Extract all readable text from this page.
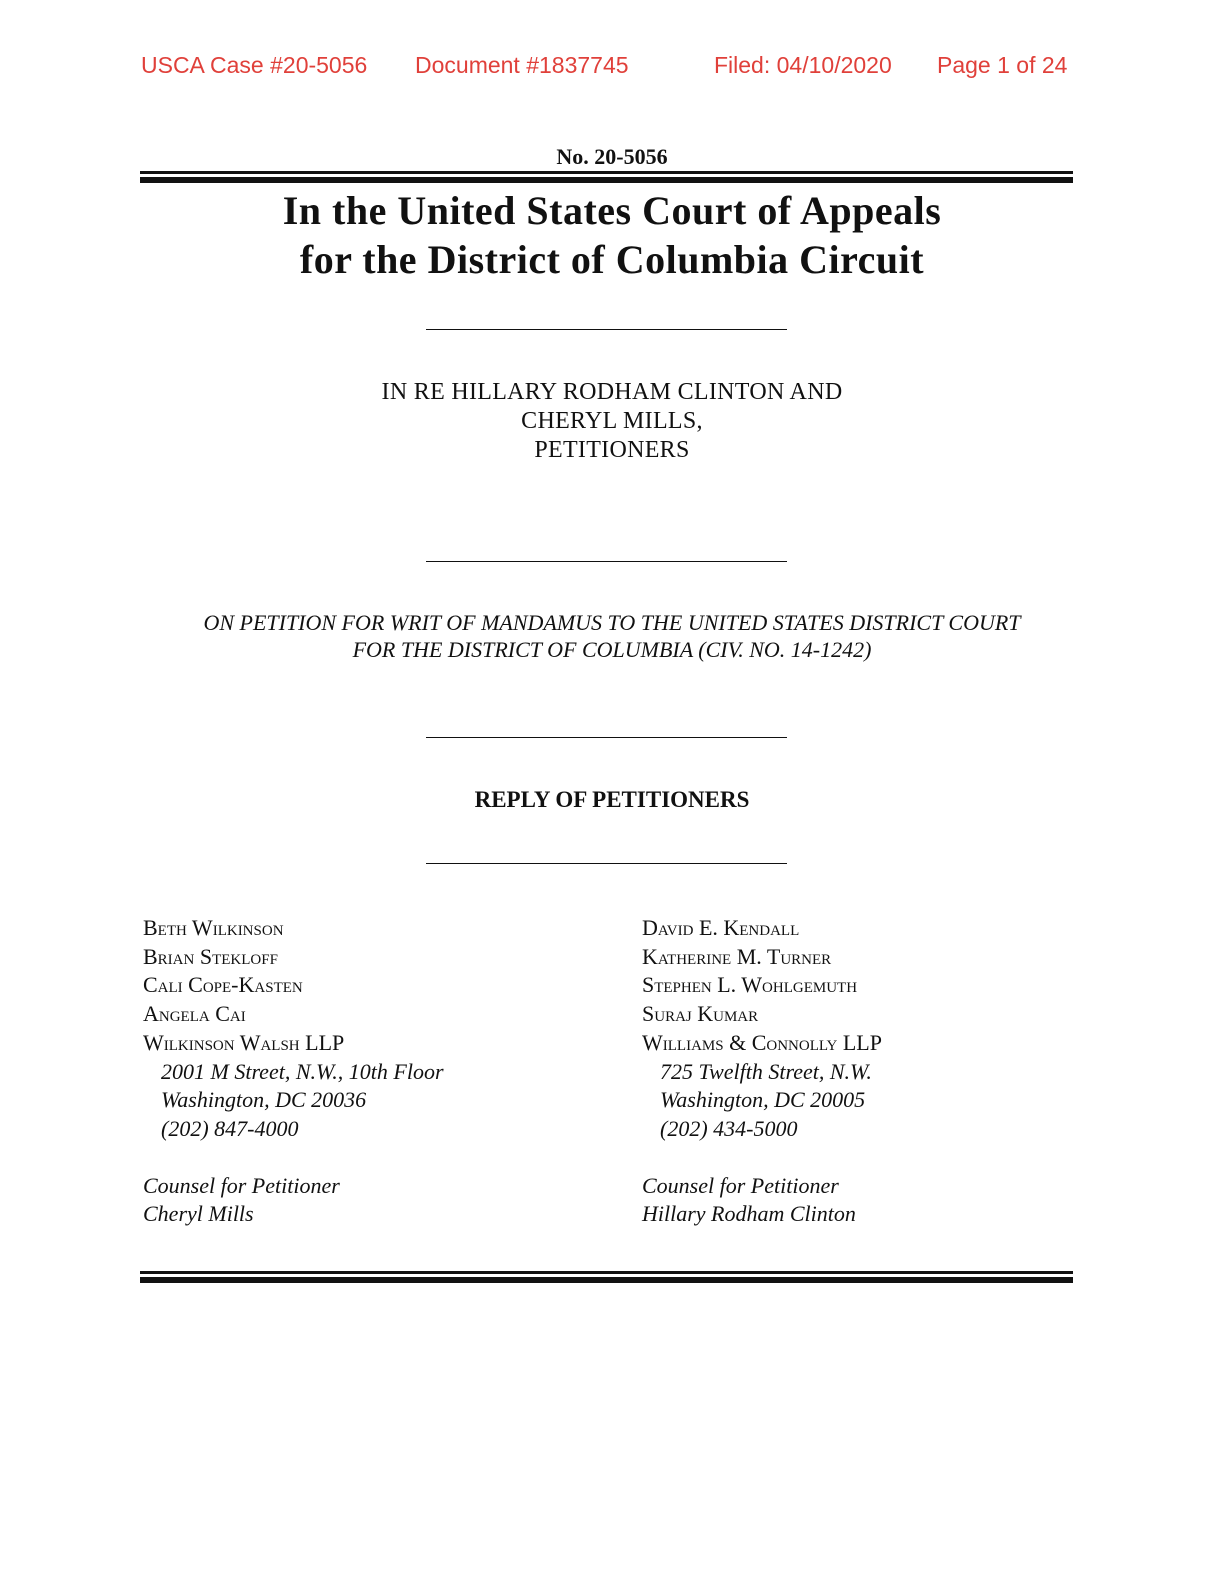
USCA Case #20-5056 Document #1837745	Filed: 04/10/2020 Page 1 of 24
No. 20-5056
In the United States Court of Appeals
for the District of Columbia Circuit
IN RE HILLARY RODHAM CLINTON AND
CHERYL MILLS,
PETITIONERS
ON PETITION FOR WRIT OF MANDAMUS TO THE UNITED STATES DISTRICT COURT
FOR THE DISTRICT OF COLUMBIA (CIV. NO. 14-1242)
REPLY OF PETITIONERS
Beth Wilkinson
Brian Stekloff
Cali Cope-Kasten
Angela Cai
Wilkinson Walsh LLP
2001 M Street, N.W., 10th Floor
Washington, DC 20036
(202) 847-4000
Counsel for Petitioner
Cheryl Mills
David E. Kendall
Katherine M. Turner
Stephen L. Wohlgemuth
Suraj Kumar
Williams & Connolly LLP
725 Twelfth Street, N.W.
Washington, DC 20005
(202) 434-5000
Counsel for Petitioner
Hillary Rodham Clinton
